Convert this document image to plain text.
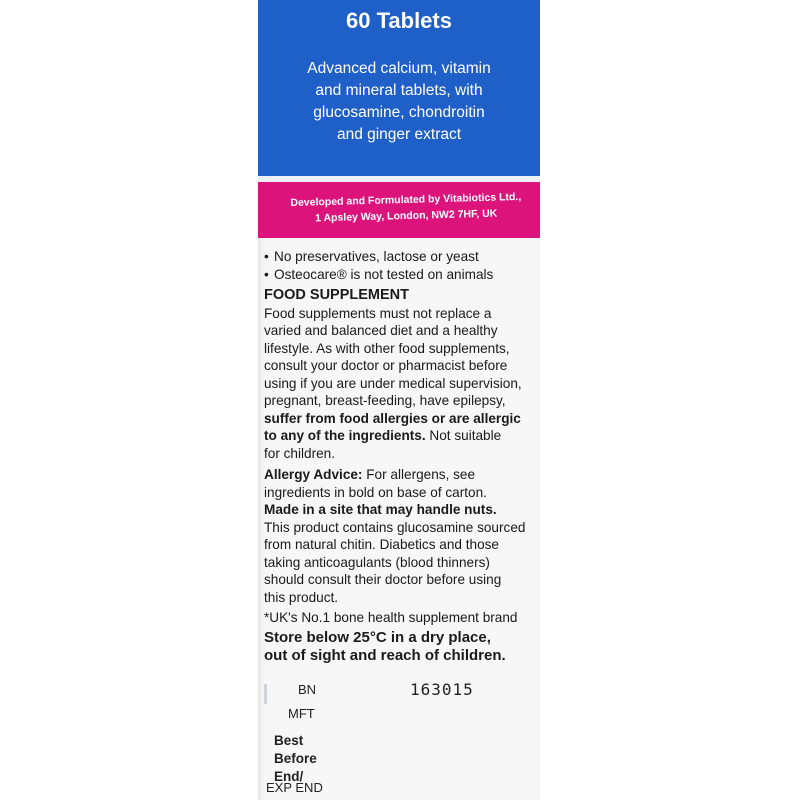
60 Tablets
Advanced calcium, vitamin
and mineral tablets, with
glucosamine, chondroitin
and ginger extract
Developed and Formulated by Vitabiotics Ltd.,
1 Apsley Way, London, NW2 7HF, UK
• No preservatives, lactose or yeast
• Osteocare® is not tested on animals
FOOD SUPPLEMENT
Food supplements must not replace a
varied and balanced diet and a healthy
lifestyle. As with other food supplements,
consult your doctor or pharmacist before
using if you are under medical supervision,
pregnant, breast-feeding, have epilepsy,
suffer from food allergies or are allergic
to any of the ingredients. Not suitable
for children.
Allergy Advice: For allergens, see
ingredients in bold on base of carton.
Made in a site that may handle nuts.
This product contains glucosamine sourced
from natural chitin. Diabetics and those
taking anticoagulants (blood thinners)
should consult their doctor before using
this product.
*UK's No.1 bone health supplement brand
Store below 25°C in a dry place,
out of sight and reach of children.
BN	163015
MFT
Best
Before
End/
EXP END
